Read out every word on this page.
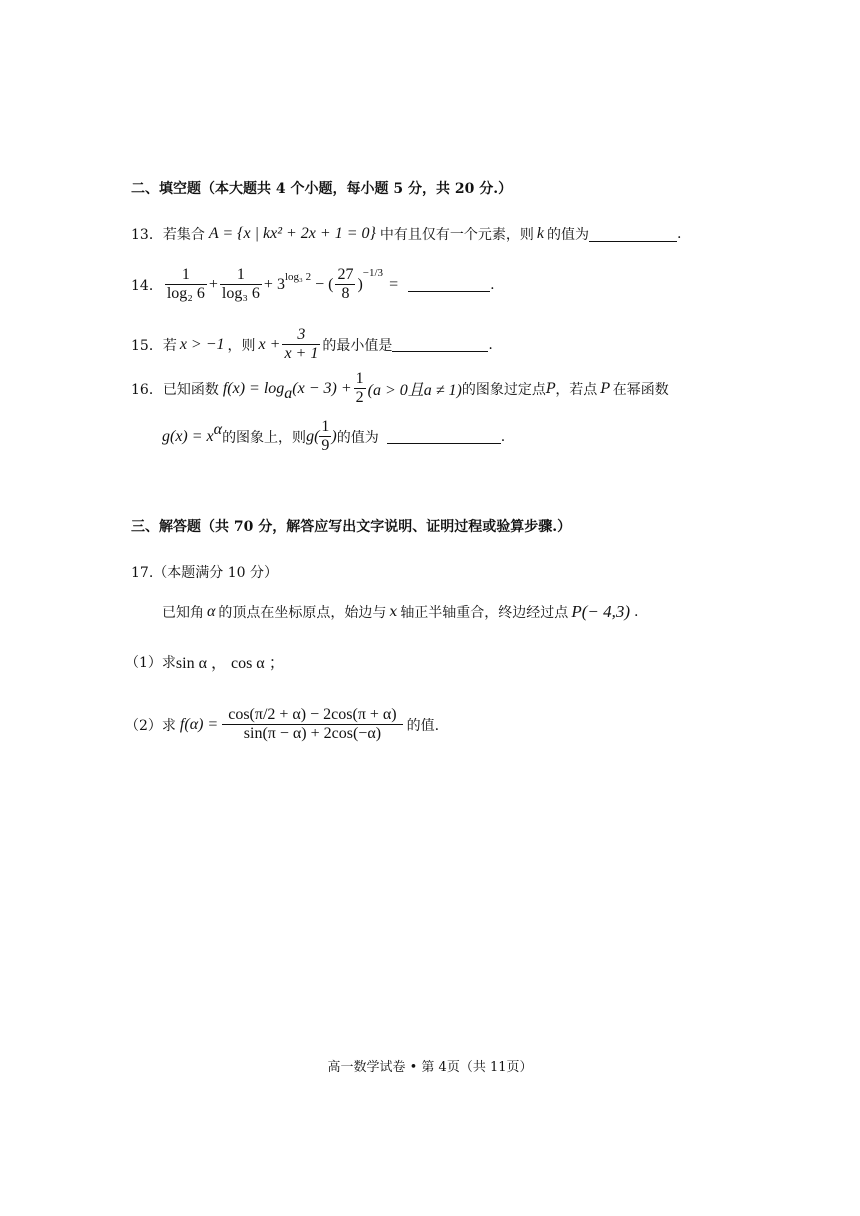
二、填空题（本大题共 4 个小题，每小题 5 分，共 20 分.）
13． 若集合 A = {x | kx² + 2x + 1 = 0} 中有且仅有一个元素，则 k 的值为	.
14． $\frac{1}{\text{log₂ 6}} + \frac{1}{\text{log₃ 6}} + 3^{log_3 2}$ − ( $\frac{27}{8}$ )
$^{-1/3}$
=	.
15． 若 x > −1 ，则 $x + \frac{3}{x + 1}$ 的最小值是	.
16． 已知函数 $f(x) = \log_a (x - 3) + \frac{1}{2} (a > 0$且a ≠ 1) 的图象过定点 P ，若点 P 在幂函数
$g(x) = x^\alpha$ 的图象上，则 $g( \frac{1}{9}$ ) 的值为	.
三、解答题（共 70 分，解答应写出文字说明、证明过程或验算步骤.）
17.（本题满分 10 分）
已知角 α 的顶点在坐标原点，始边与 x 轴正半轴重合，终边经过点 P(− 4,3) .
（1）求 sin α ， cos α ；
（2）求 $f(\alpha) = \frac{\cos(\pi/2 + \alpha) - 2\cos(\pi + \alpha)}{\sin(\pi - \alpha) + 2\cos(-\alpha)}$ 的值.
高一数学试卷 • 第 4页（共 11页）
